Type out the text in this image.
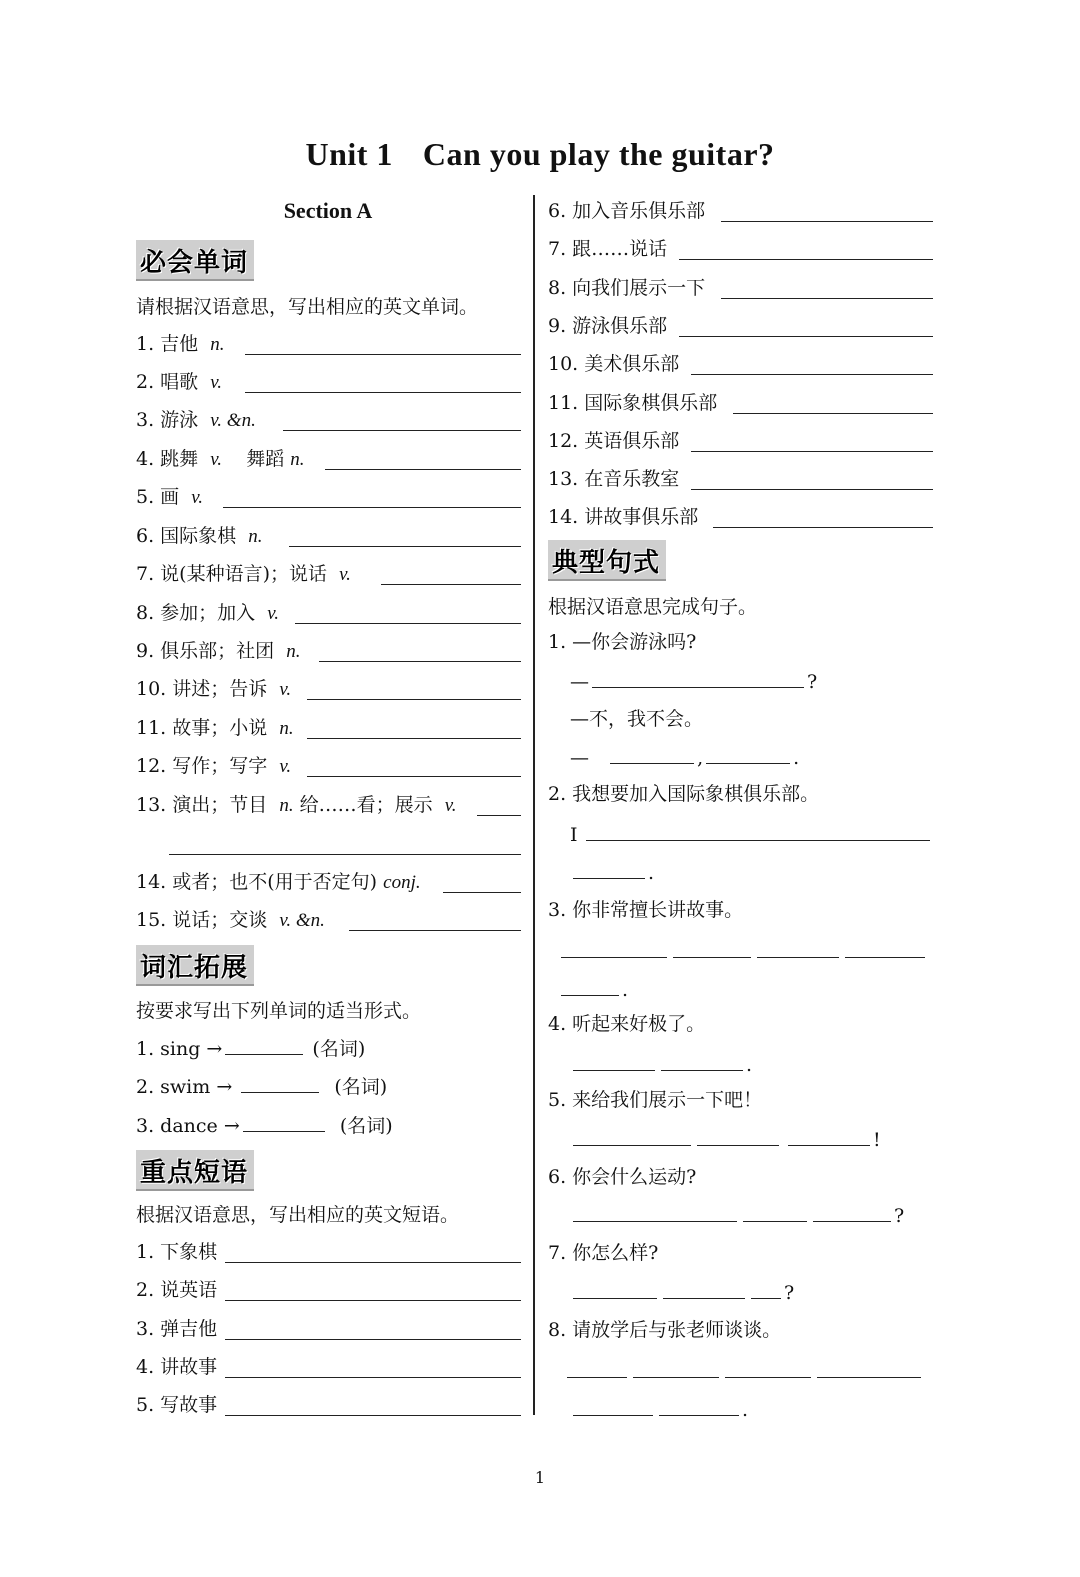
Unit 1 Can you play the guitar?
Section A
必会单词
请根据汉语意思，写出相应的英文单词。
1. 吉他 n.
2. 唱歌 v.
3. 游泳 v. &n.
4. 跳舞 v. 舞蹈 n.
5. 画 v.
6. 国际象棋 n.
7. 说(某种语言)；说话 v.
8. 参加；加入 v.
9. 俱乐部；社团 n.
10. 讲述；告诉 v.
11. 故事；小说 n.
12. 写作；写字 v.
13. 演出；节目 n. 给……看；展示 v.
14. 或者；也不(用于否定句) conj.
15. 说话；交谈 v. &n.
词汇拓展
按要求写出下列单词的适当形式。
1. sing →	(名词)
2. swim →	(名词)
3. dance →	(名词)
重点短语
根据汉语意思，写出相应的英文短语。
1. 下象棋
2. 说英语
3. 弹吉他
4. 讲故事
5. 写故事
6. 加入音乐俱乐部
7. 跟……说话
8. 向我们展示一下
9. 游泳俱乐部
10. 美术俱乐部
11. 国际象棋俱乐部
12. 英语俱乐部
13. 在音乐教室
14. 讲故事俱乐部
典型句式
根据汉语意思完成句子。
1. —你会游泳吗?
—	?
—不，我不会。
—	,	.
2. 我想要加入国际象棋俱乐部。
I
.
3. 你非常擅长讲故事。
.
4. 听起来好极了。
.
5. 来给我们展示一下吧！
!
6. 你会什么运动?
?
7. 你怎么样?
?
8. 请放学后与张老师谈谈。
.
1
